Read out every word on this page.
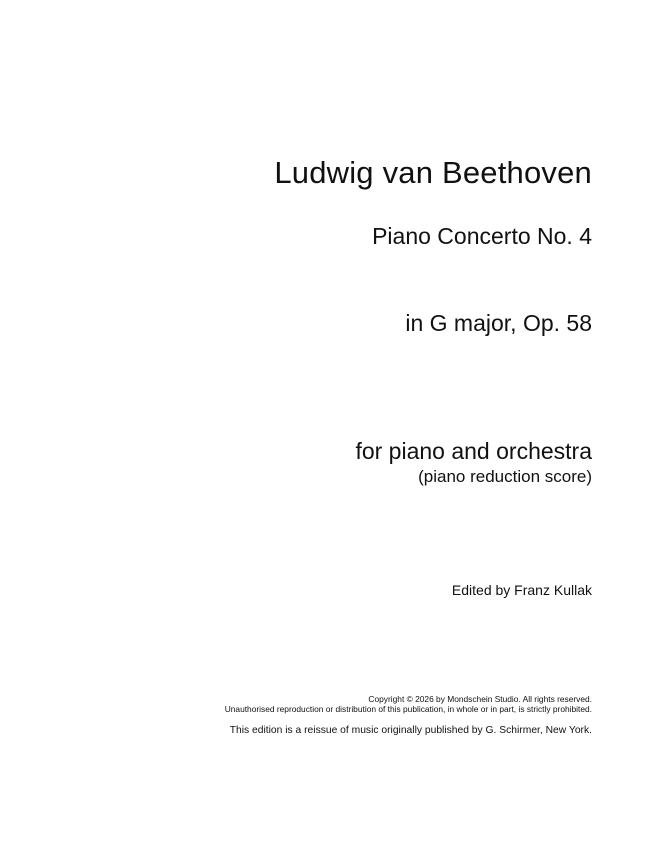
Ludwig van Beethoven
Piano Concerto No. 4
in G major, Op. 58
for piano and orchestra
(piano reduction score)
Edited by Franz Kullak
Copyright © 2026 by Mondschein Studio. All rights reserved.
Unauthorised reproduction or distribution of this publication, in whole or in part, is strictly prohibited.
This edition is a reissue of music originally published by G. Schirmer, New York.
